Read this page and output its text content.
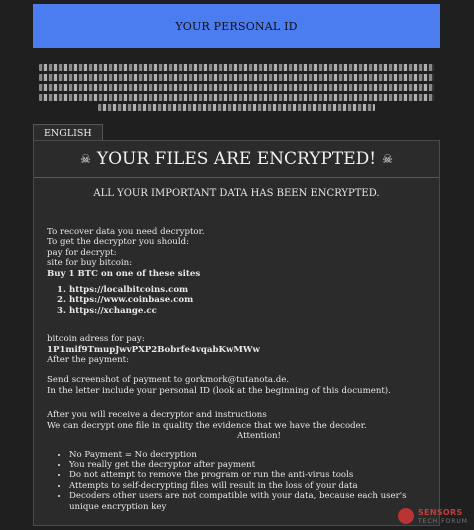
YOUR PERSONAL ID
ENGLISH
☠ YOUR FILES ARE ENCRYPTED! ☠
ALL YOUR IMPORTANT DATA HAS BEEN ENCRYPTED.

To recover data you need decryptor.

To get the decryptor you should:

pay for decrypt:

site for buy bitcoin:

Buy 1 BTC on one of these sites

1. https://localbitcoins.com
2. https://www.coinbase.com
3. https://xchange.cc

bitcoin adress for pay:

1P1mif9TmupJwvPXP2Bobrfe4vqabKwMWw

After the payment:

Send screenshot of payment to gorkmork@tutanota.de.

In the letter include your personal ID (look at the beginning of this document).

After you will receive a decryptor and instructions

We can decrypt one file in quality the evidence that we have the decoder.

Attention!

• No Payment = No decryption
• You really get the decryptor after payment
• Do not attempt to remove the program or run the anti-virus tools
• Attempts to self-decrypting files will result in the loss of your data
• Decoders other users are not compatible with your data, because each user's unique encryption key
SENSORS
TECH FORUM
